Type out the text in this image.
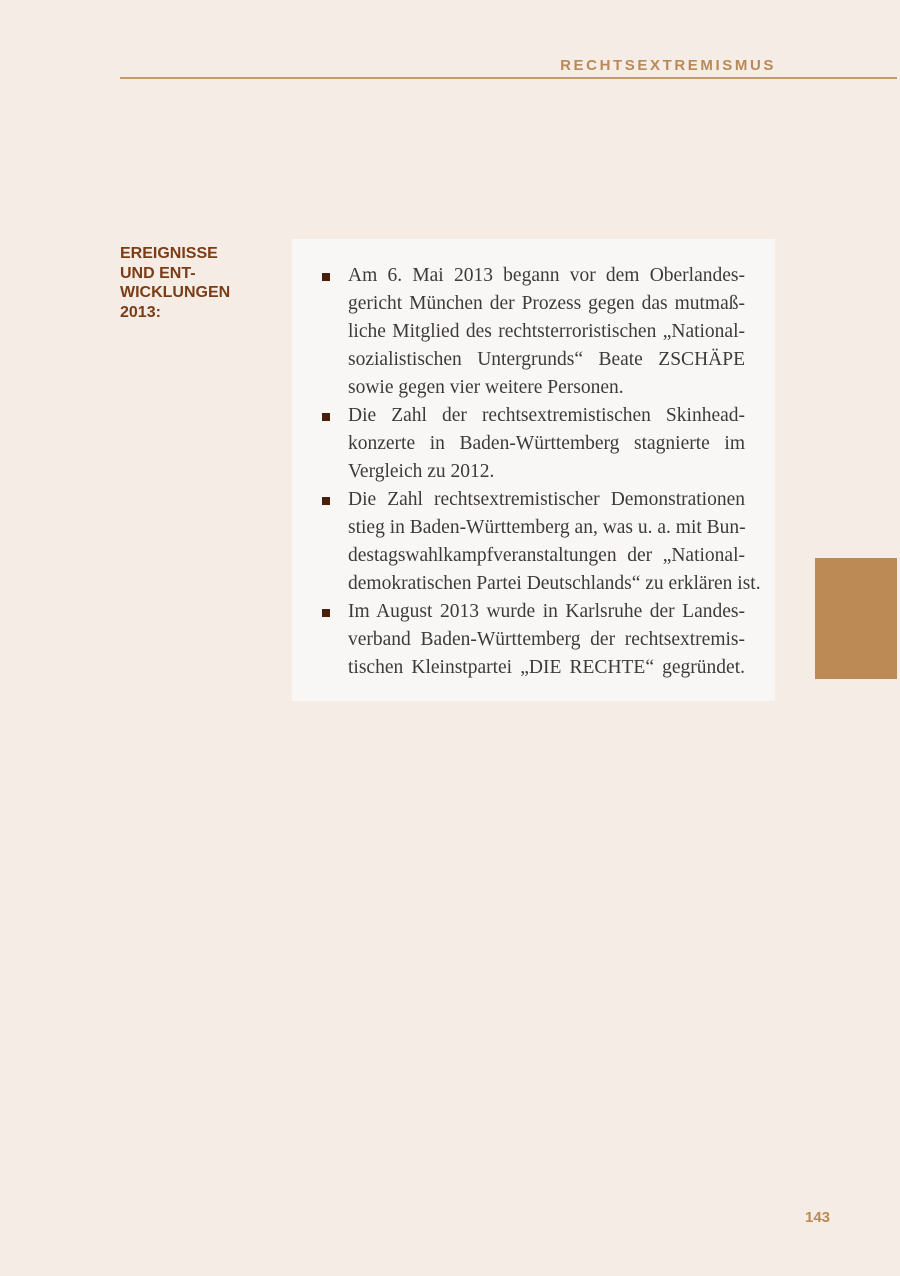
RECHTSEXTREMISMUS
EREIGNISSE
UND ENT-
WICKLUNGEN
2013:
Am 6. Mai 2013 begann vor dem Oberlandes-
gericht München der Prozess gegen das mutmaß-
liche Mitglied des rechtsterroristischen „National-
sozialistischen Untergrunds“ Beate ZSCHÄPE
sowie gegen vier weitere Personen.
Die Zahl der rechtsextremistischen Skinhead-
konzerte in Baden-Württemberg stagnierte im
Vergleich zu 2012.
Die Zahl rechtsextremistischer Demonstrationen
stieg in Baden-Württemberg an, was u. a. mit Bun-
destagswahlkampfveranstaltungen der „National-
demokratischen Partei Deutschlands“ zu erklären ist.
Im August 2013 wurde in Karlsruhe der Landes-
verband Baden-Württemberg der rechtsextremis-
tischen Kleinstpartei „DIE RECHTE“ gegründet.
143
